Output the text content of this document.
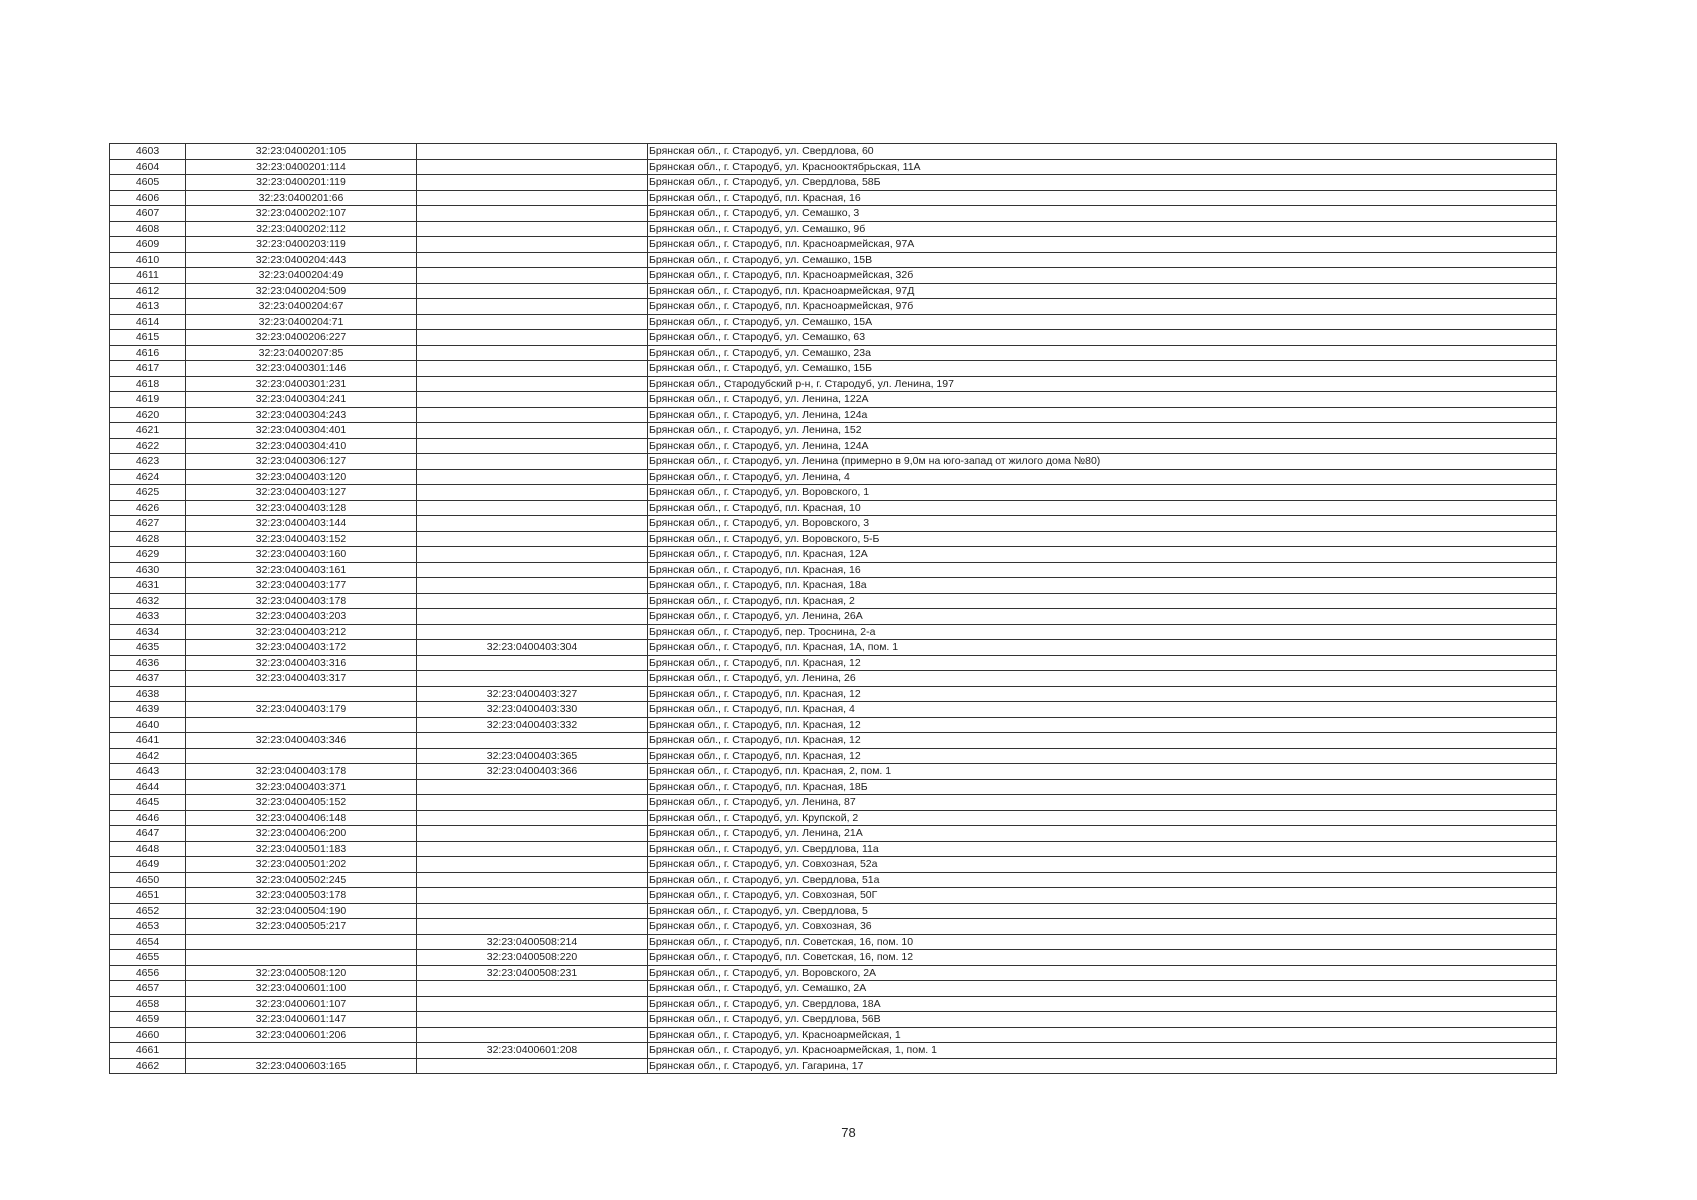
4603	32:23:0400201:105		Брянская обл., г. Стародуб, ул. Свердлова, 60
4604	32:23:0400201:114		Брянская обл., г. Стародуб, ул. Краснооктябрьская, 11А
4605	32:23:0400201:119		Брянская обл., г. Стародуб, ул. Свердлова, 58Б
4606	32:23:0400201:66		Брянская обл., г. Стародуб, пл. Красная, 16
4607	32:23:0400202:107		Брянская обл., г. Стародуб, ул. Семашко, 3
4608	32:23:0400202:112		Брянская обл., г. Стародуб, ул. Семашко, 9б
4609	32:23:0400203:119		Брянская обл., г. Стародуб, пл. Красноармейская, 97А
4610	32:23:0400204:443		Брянская обл., г. Стародуб, ул. Семашко, 15В
4611	32:23:0400204:49		Брянская обл., г. Стародуб, пл. Красноармейская, 32б
4612	32:23:0400204:509		Брянская обл., г. Стародуб, пл. Красноармейская, 97Д
4613	32:23:0400204:67		Брянская обл., г. Стародуб, пл. Красноармейская, 97б
4614	32:23:0400204:71		Брянская обл., г. Стародуб, ул. Семашко, 15А
4615	32:23:0400206:227		Брянская обл., г. Стародуб, ул. Семашко, 63
4616	32:23:0400207:85		Брянская обл., г. Стародуб, ул. Семашко, 23а
4617	32:23:0400301:146		Брянская обл., г. Стародуб, ул. Семашко, 15Б
4618	32:23:0400301:231		Брянская обл., Стародубский р-н, г. Стародуб, ул. Ленина, 197
4619	32:23:0400304:241		Брянская обл., г. Стародуб, ул. Ленина, 122А
4620	32:23:0400304:243		Брянская обл., г. Стародуб, ул. Ленина, 124а
4621	32:23:0400304:401		Брянская обл., г. Стародуб, ул. Ленина, 152
4622	32:23:0400304:410		Брянская обл., г. Стародуб, ул. Ленина, 124А
4623	32:23:0400306:127		Брянская обл., г. Стародуб, ул. Ленина (примерно в 9,0м на юго-запад от жилого дома №80)
4624	32:23:0400403:120		Брянская обл., г. Стародуб, ул. Ленина, 4
4625	32:23:0400403:127		Брянская обл., г. Стародуб, ул. Воровского, 1
4626	32:23:0400403:128		Брянская обл., г. Стародуб, пл. Красная, 10
4627	32:23:0400403:144		Брянская обл., г. Стародуб, ул. Воровского, 3
4628	32:23:0400403:152		Брянская обл., г. Стародуб, ул. Воровского, 5-Б
4629	32:23:0400403:160		Брянская обл., г. Стародуб, пл. Красная, 12А
4630	32:23:0400403:161		Брянская обл., г. Стародуб, пл. Красная, 16
4631	32:23:0400403:177		Брянская обл., г. Стародуб, пл. Красная, 18а
4632	32:23:0400403:178		Брянская обл., г. Стародуб, пл. Красная, 2
4633	32:23:0400403:203		Брянская обл., г. Стародуб, ул. Ленина, 26А
4634	32:23:0400403:212		Брянская обл., г. Стародуб, пер. Троснина, 2-а
4635	32:23:0400403:172	32:23:0400403:304	Брянская обл., г. Стародуб, пл. Красная, 1А, пом. 1
4636	32:23:0400403:316		Брянская обл., г. Стародуб, пл. Красная, 12
4637	32:23:0400403:317		Брянская обл., г. Стародуб, ул. Ленина, 26
4638		32:23:0400403:327	Брянская обл., г. Стародуб, пл. Красная, 12
4639	32:23:0400403:179	32:23:0400403:330	Брянская обл., г. Стародуб, пл. Красная, 4
4640		32:23:0400403:332	Брянская обл., г. Стародуб, пл. Красная, 12
4641	32:23:0400403:346		Брянская обл., г. Стародуб, пл. Красная, 12
4642		32:23:0400403:365	Брянская обл., г. Стародуб, пл. Красная, 12
4643	32:23:0400403:178	32:23:0400403:366	Брянская обл., г. Стародуб, пл. Красная, 2, пом. 1
4644	32:23:0400403:371		Брянская обл., г. Стародуб, пл. Красная, 18Б
4645	32:23:0400405:152		Брянская обл., г. Стародуб, ул. Ленина, 87
4646	32:23:0400406:148		Брянская обл., г. Стародуб, ул. Крупской, 2
4647	32:23:0400406:200		Брянская обл., г. Стародуб, ул. Ленина, 21А
4648	32:23:0400501:183		Брянская обл., г. Стародуб, ул. Свердлова, 11а
4649	32:23:0400501:202		Брянская обл., г. Стародуб, ул. Совхозная, 52а
4650	32:23:0400502:245		Брянская обл., г. Стародуб, ул. Свердлова, 51а
4651	32:23:0400503:178		Брянская обл., г. Стародуб, ул. Совхозная, 50Г
4652	32:23:0400504:190		Брянская обл., г. Стародуб, ул. Свердлова, 5
4653	32:23:0400505:217		Брянская обл., г. Стародуб, ул. Совхозная, 36
4654		32:23:0400508:214	Брянская обл., г. Стародуб, пл. Советская, 16, пом. 10
4655		32:23:0400508:220	Брянская обл., г. Стародуб, пл. Советская, 16, пом. 12
4656	32:23:0400508:120	32:23:0400508:231	Брянская обл., г. Стародуб, ул. Воровского, 2А
4657	32:23:0400601:100		Брянская обл., г. Стародуб, ул. Семашко, 2А
4658	32:23:0400601:107		Брянская обл., г. Стародуб, ул. Свердлова, 18А
4659	32:23:0400601:147		Брянская обл., г. Стародуб, ул. Свердлова, 56В
4660	32:23:0400601:206		Брянская обл., г. Стародуб, ул. Красноармейская, 1
4661		32:23:0400601:208	Брянская обл., г. Стародуб, ул. Красноармейская, 1, пом. 1
4662	32:23:0400603:165		Брянская обл., г. Стародуб, ул. Гагарина, 17
78
